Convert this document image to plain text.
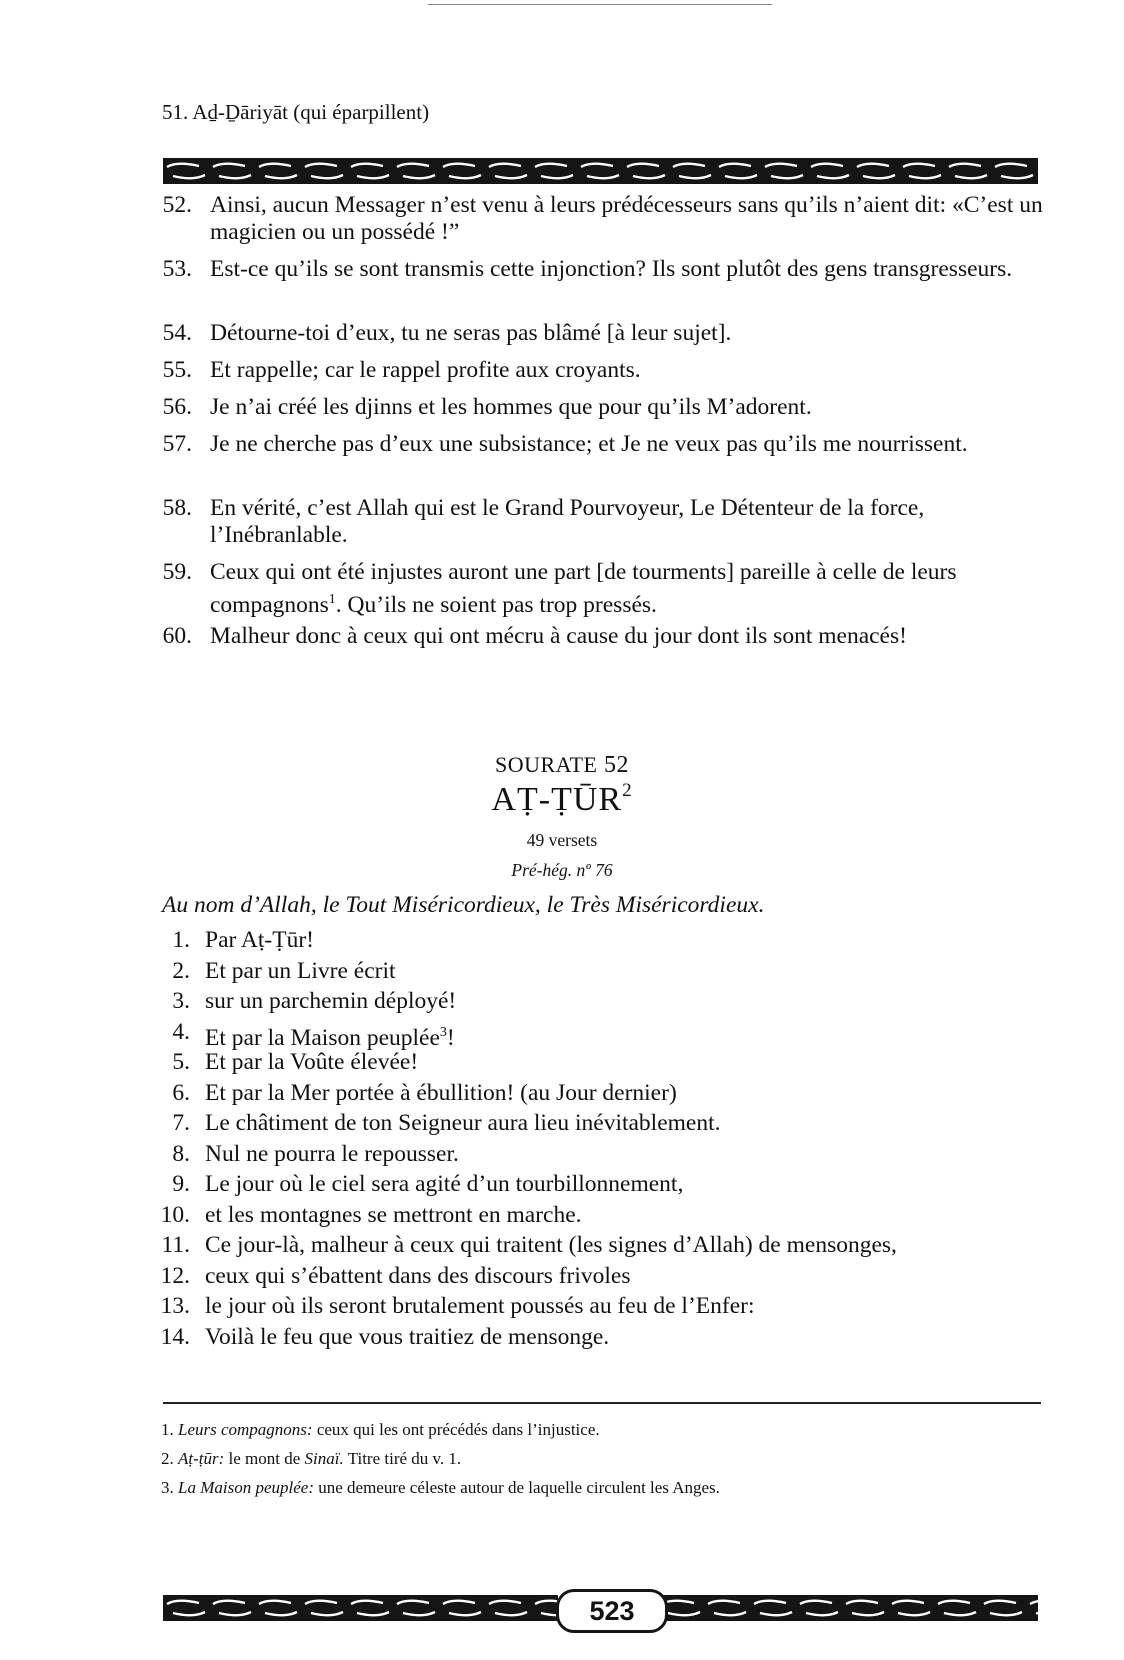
51. Aḏ-Ḏāriyāt (qui éparpillent)
52. Ainsi, aucun Messager n’est venu à leurs prédécesseurs sans qu’ils n’aient dit: «C’est un magicien ou un possédé !”
53. Est-ce qu’ils se sont transmis cette injonction? Ils sont plutôt des gens transgresseurs.
54. Détourne-toi d’eux, tu ne seras pas blâmé [à leur sujet].
55. Et rappelle; car le rappel profite aux croyants.
56. Je n’ai créé les djinns et les hommes que pour qu’ils M’adorent.
57. Je ne cherche pas d’eux une subsistance; et Je ne veux pas qu’ils me nourrissent.
58. En vérité, c’est Allah qui est le Grand Pourvoyeur, Le Détenteur de la force, l’Inébranlable.
59. Ceux qui ont été injustes auront une part [de tourments] pareille à celle de leurs compagnons$^1$. Qu’ils ne soient pas trop pressés.
60. Malheur donc à ceux qui ont mécru à cause du jour dont ils sont menacés!
SOURATE 52
AṬ-ṬŪR$^2$
49 versets
Pré-hég. nº 76
Au nom d’Allah, le Tout Miséricordieux, le Très Miséricordieux.
1. Par Aṭ-Ṭūr!
2. Et par un Livre écrit
3. sur un parchemin déployé!
4. Et par la Maison peuplée$^3$!
5. Et par la Voûte élevée!
6. Et par la Mer portée à ébullition! (au Jour dernier)
7. Le châtiment de ton Seigneur aura lieu inévitablement.
8. Nul ne pourra le repousser.
9. Le jour où le ciel sera agité d’un tourbillonnement,
10. et les montagnes se mettront en marche.
11. Ce jour-là, malheur à ceux qui traitent (les signes d’Allah) de mensonges,
12. ceux qui s’ébattent dans des discours frivoles
13. le jour où ils seront brutalement poussés au feu de l’Enfer:
14. Voilà le feu que vous traitiez de mensonge.
1. Leurs compagnons: ceux qui les ont précédés dans l’injustice.
2. Aṭ-ṭūr: le mont de Sinaï. Titre tiré du v. 1.
3. La Maison peuplée: une demeure céleste autour de laquelle circulent les Anges.
523
